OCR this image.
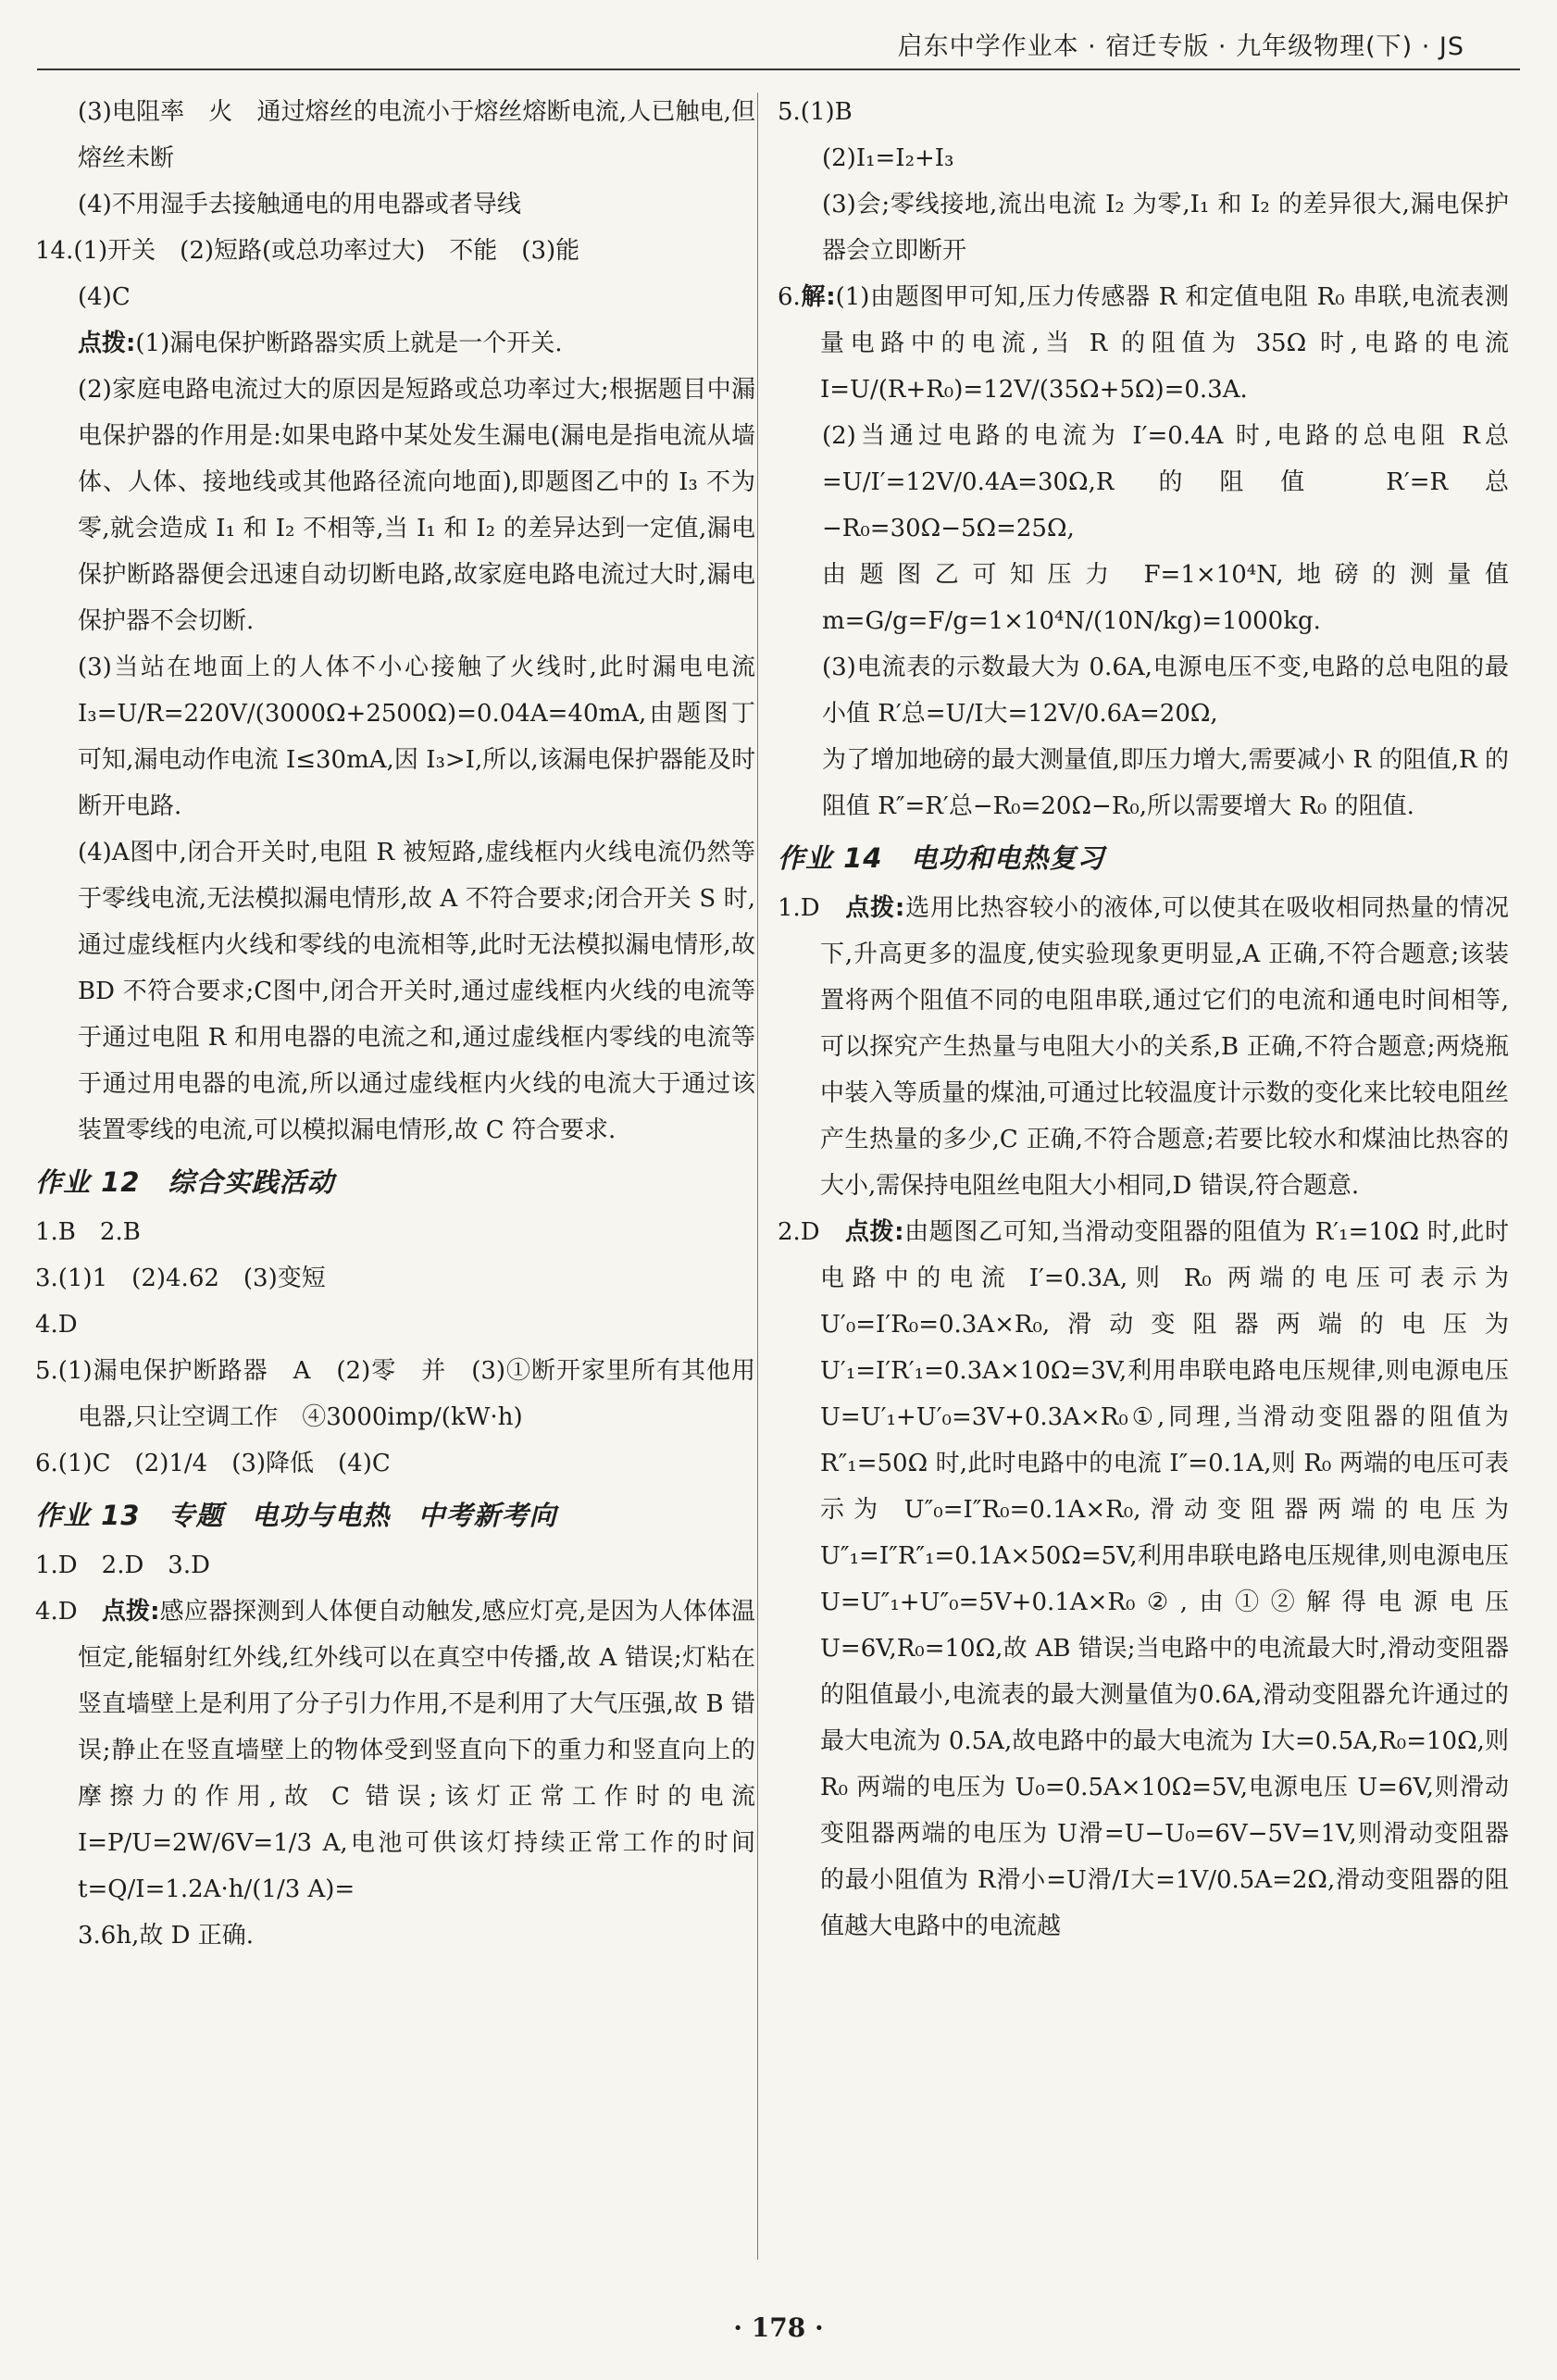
启东中学作业本 · 宿迁专版 · 九年级物理(下) · JS

(3)电阻率　火　通过熔丝的电流小于熔丝熔断电流,人已触电,但熔丝未断

(4)不用湿手去接触通电的用电器或者导线

14.(1)开关　(2)短路(或总功率过大)　不能　(3)能

(4)C

点拨:(1)漏电保护断路器实质上就是一个开关.

(2)家庭电路电流过大的原因是短路或总功率过大;根据题目中漏电保护器的作用是:如果电路中某处发生漏电(漏电是指电流从墙体、人体、接地线或其他路径流向地面),即题图乙中的 I₃ 不为零,就会造成 I₁ 和 I₂ 不相等,当 I₁ 和 I₂ 的差异达到一定值,漏电保护断路器便会迅速自动切断电路,故家庭电路电流过大时,漏电保护器不会切断.

(3)当站在地面上的人体不小心接触了火线时,此时漏电电流 I₃=U/R=220V/(3000Ω+2500Ω)=0.04A=40mA,由题图丁可知,漏电动作电流 I≤30mA,因 I₃>I,所以,该漏电保护器能及时断开电路.

(4)A图中,闭合开关时,电阻 R 被短路,虚线框内火线电流仍然等于零线电流,无法模拟漏电情形,故 A 不符合要求;闭合开关 S 时,通过虚线框内火线和零线的电流相等,此时无法模拟漏电情形,故 BD 不符合要求;C图中,闭合开关时,通过虚线框内火线的电流等于通过电阻 R 和用电器的电流之和,通过虚线框内零线的电流等于通过用电器的电流,所以通过虚线框内火线的电流大于通过该装置零线的电流,可以模拟漏电情形,故 C 符合要求.

作业 12　综合实践活动

1.B　2.B

3.(1)1　(2)4.62　(3)变短

4.D

5.(1)漏电保护断路器　A　(2)零　并　(3)①断开家里所有其他用电器,只让空调工作　④3000imp/(kW·h)

6.(1)C　(2)1/4　(3)降低　(4)C

作业 13　专题　电功与电热　中考新考向

1.D　2.D　3.D

4.D　点拨:感应器探测到人体便自动触发,感应灯亮,是因为人体体温恒定,能辐射红外线,红外线可以在真空中传播,故 A 错误;灯粘在竖直墙壁上是利用了分子引力作用,不是利用了大气压强,故 B 错误;静止在竖直墙壁上的物体受到竖直向下的重力和竖直向上的摩擦力的作用,故 C 错误;该灯正常工作时的电流 I=P/U=2W/6V=1/3 A,电池可供该灯持续正常工作的时间 t=Q/I=1.2A·h/(1/3 A)=

3.6h,故 D 正确.

5.(1)B

(2)I₁=I₂+I₃

(3)会;零线接地,流出电流 I₂ 为零,I₁ 和 I₂ 的差异很大,漏电保护器会立即断开

6.解:(1)由题图甲可知,压力传感器 R 和定值电阻 R₀ 串联,电流表测量电路中的电流,当 R 的阻值为 35Ω 时,电路的电流 I=U/(R+R₀)=12V/(35Ω+5Ω)=0.3A.

(2)当通过电路的电流为 I′=0.4A 时,电路的总电阻 R总=U/I′=12V/0.4A=30Ω,R 的阻值 R′=R总−R₀=30Ω−5Ω=25Ω,

由题图乙可知压力 F=1×10⁴N,地磅的测量值 m=G/g=F/g=1×10⁴N/(10N/kg)=1000kg.

(3)电流表的示数最大为 0.6A,电源电压不变,电路的总电阻的最小值 R′总=U/I大=12V/0.6A=20Ω,

为了增加地磅的最大测量值,即压力增大,需要减小 R 的阻值,R 的阻值 R″=R′总−R₀=20Ω−R₀,所以需要增大 R₀ 的阻值.

作业 14　电功和电热复习

1.D　点拨:选用比热容较小的液体,可以使其在吸收相同热量的情况下,升高更多的温度,使实验现象更明显,A 正确,不符合题意;该装置将两个阻值不同的电阻串联,通过它们的电流和通电时间相等,可以探究产生热量与电阻大小的关系,B 正确,不符合题意;两烧瓶中装入等质量的煤油,可通过比较温度计示数的变化来比较电阻丝产生热量的多少,C 正确,不符合题意;若要比较水和煤油比热容的大小,需保持电阻丝电阻大小相同,D 错误,符合题意.

2.D　点拨:由题图乙可知,当滑动变阻器的阻值为 R′₁=10Ω 时,此时电路中的电流 I′=0.3A,则 R₀ 两端的电压可表示为 U′₀=I′R₀=0.3A×R₀,滑动变阻器两端的电压为 U′₁=I′R′₁=0.3A×10Ω=3V,利用串联电路电压规律,则电源电压 U=U′₁+U′₀=3V+0.3A×R₀①,同理,当滑动变阻器的阻值为 R″₁=50Ω 时,此时电路中的电流 I″=0.1A,则 R₀ 两端的电压可表示为 U″₀=I″R₀=0.1A×R₀,滑动变阻器两端的电压为 U″₁=I″R″₁=0.1A×50Ω=5V,利用串联电路电压规律,则电源电压 U=U″₁+U″₀=5V+0.1A×R₀②,由①②解得电源电压 U=6V,R₀=10Ω,故 AB 错误;当电路中的电流最大时,滑动变阻器的阻值最小,电流表的最大测量值为0.6A,滑动变阻器允许通过的最大电流为 0.5A,故电路中的最大电流为 I大=0.5A,R₀=10Ω,则 R₀ 两端的电压为 U₀=0.5A×10Ω=5V,电源电压 U=6V,则滑动变阻器两端的电压为 U滑=U−U₀=6V−5V=1V,则滑动变阻器的最小阻值为 R滑小=U滑/I大=1V/0.5A=2Ω,滑动变阻器的阻值越大电路中的电流越

· 178 ·
